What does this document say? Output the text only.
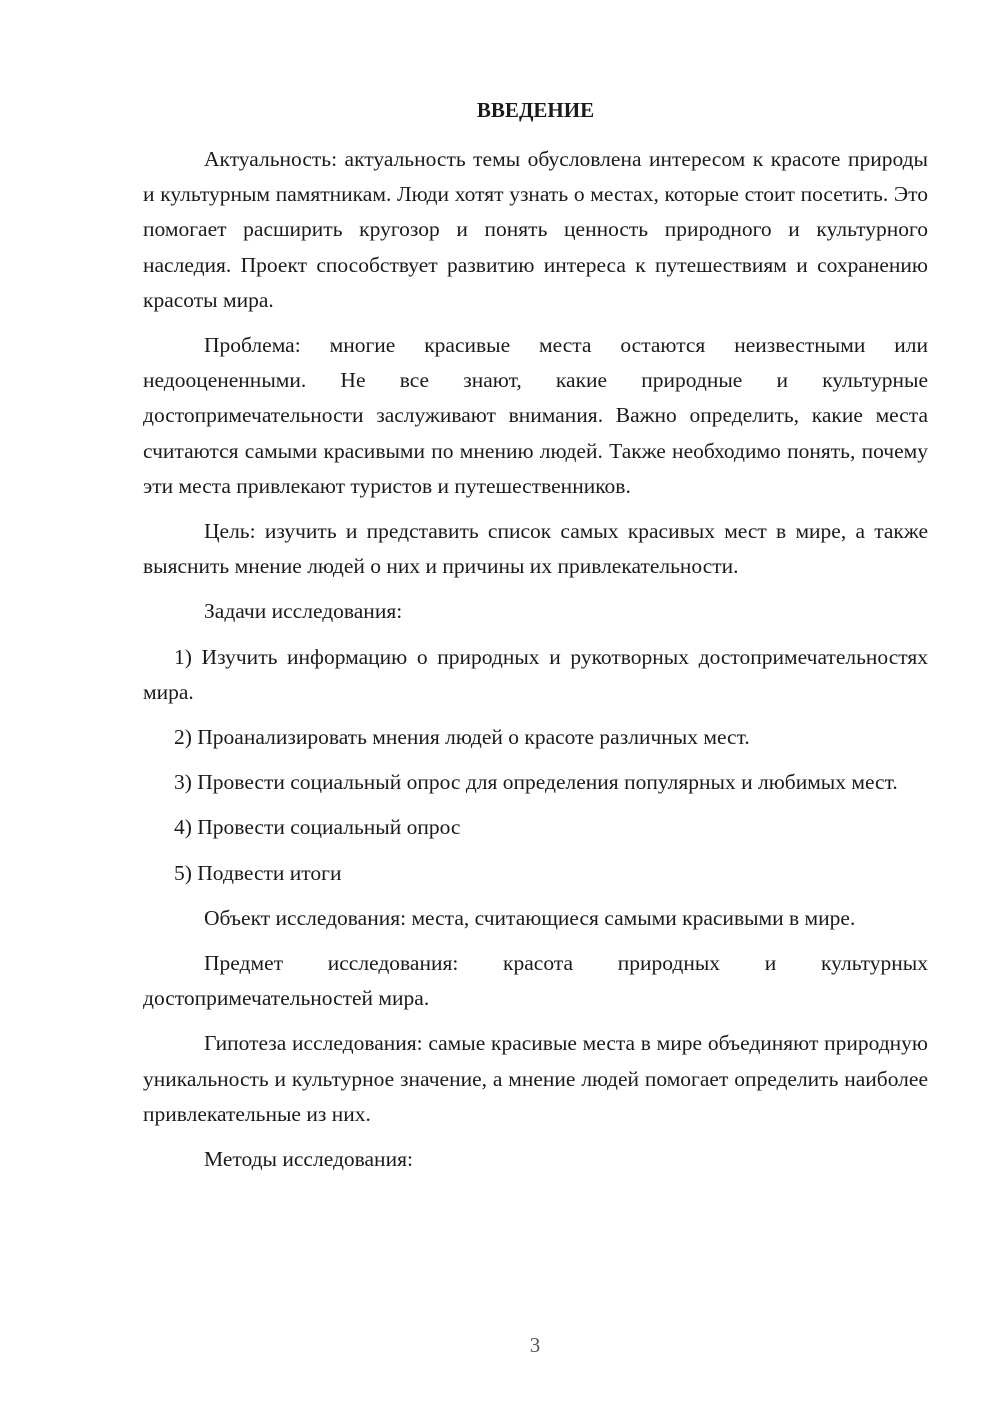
ВВЕДЕНИЕ

Актуальность: актуальность темы обусловлена интересом к красоте природы и культурным памятникам. Люди хотят узнать о местах, которые стоит посетить. Это помогает расширить кругозор и понять ценность природного и культурного наследия. Проект способствует развитию интереса к путешествиям и сохранению красоты мира.

Проблема: многие красивые места остаются неизвестными или недооцененными. Не все знают, какие природные и культурные достопримечательности заслуживают внимания. Важно определить, какие места считаются самыми красивыми по мнению людей. Также необходимо понять, почему эти места привлекают туристов и путешественников.

Цель: изучить и представить список самых красивых мест в мире, а также выяснить мнение людей о них и причины их привлекательности.

Задачи исследования:

1) Изучить информацию о природных и рукотворных достопримечательностях мира.

2) Проанализировать мнения людей о красоте различных мест.

3) Провести социальный опрос для определения популярных и любимых мест.

4) Провести социальный опрос

5) Подвести итоги

Объект исследования: места, считающиеся самыми красивыми в мире.

Предмет исследования: красота природных и культурных достопримечательностей мира.

Гипотеза исследования: самые красивые места в мире объединяют природную уникальность и культурное значение, а мнение людей помогает определить наиболее привлекательные из них.

Методы исследования:

3
